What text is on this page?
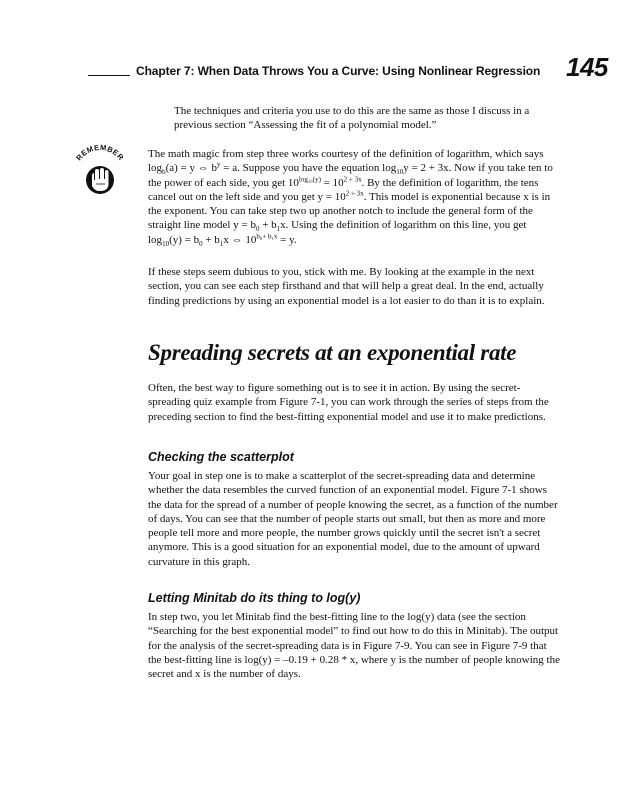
Chapter 7: When Data Throws You a Curve: Using Nonlinear Regression 145

The techniques and criteria you use to do this are the same as those I discuss in a previous section “Assessing the fit of a polynomial model.”

REMEMBER The math magic from step three works courtesy of the definition of logarithm, which says $\log_b(a) = y$ ⇔ $b^y = a$. Suppose you have the equation $\log_{10}y = 2 + 3x$. Now if you take ten to the power of each side, you get $10^{log_{10}(y)} = 10^{2 + 3x}$. By the definition of logarithm, the tens cancel out on the left side and you get $y = 10^{2 + 3x}$. This model is exponential because x is in the exponent. You can take step two up another notch to include the general form of the straight line model $y = b_0 + b_1x$. Using the definition of logarithm on this line, you get $\log_{10}(y) = b_0 + b_1x$ ⇔ $10^{b_0+ b_1x} = y$.

If these steps seem dubious to you, stick with me. By looking at the example in the next section, you can see each step firsthand and that will help a great deal. In the end, actually finding predictions by using an exponential model is a lot easier to do than it is to explain.

Spreading secrets at an exponential rate

Often, the best way to figure something out is to see it in action. By using the secret-spreading quiz example from Figure 7-1, you can work through the series of steps from the preceding section to find the best-fitting exponential model and use it to make predictions.

Checking the scatterplot

Your goal in step one is to make a scatterplot of the secret-spreading data and determine whether the data resembles the curved function of an exponential model. Figure 7-1 shows the data for the spread of a number of people knowing the secret, as a function of the number of days. You can see that the number of people starts out small, but then as more and more people tell more and more people, the number grows quickly until the secret isn't a secret anymore. This is a good situation for an exponential model, due to the amount of upward curvature in this graph.

Letting Minitab do its thing to log(y)

In step two, you let Minitab find the best-fitting line to the log(y) data (see the section “Searching for the best exponential model” to find out how to do this in Minitab). The output for the analysis of the secret-spreading data is in Figure 7-9. You can see in Figure 7-9 that the best-fitting line is log(y) = –0.19 + 0.28 * x, where y is the number of people knowing the secret and x is the number of days.
